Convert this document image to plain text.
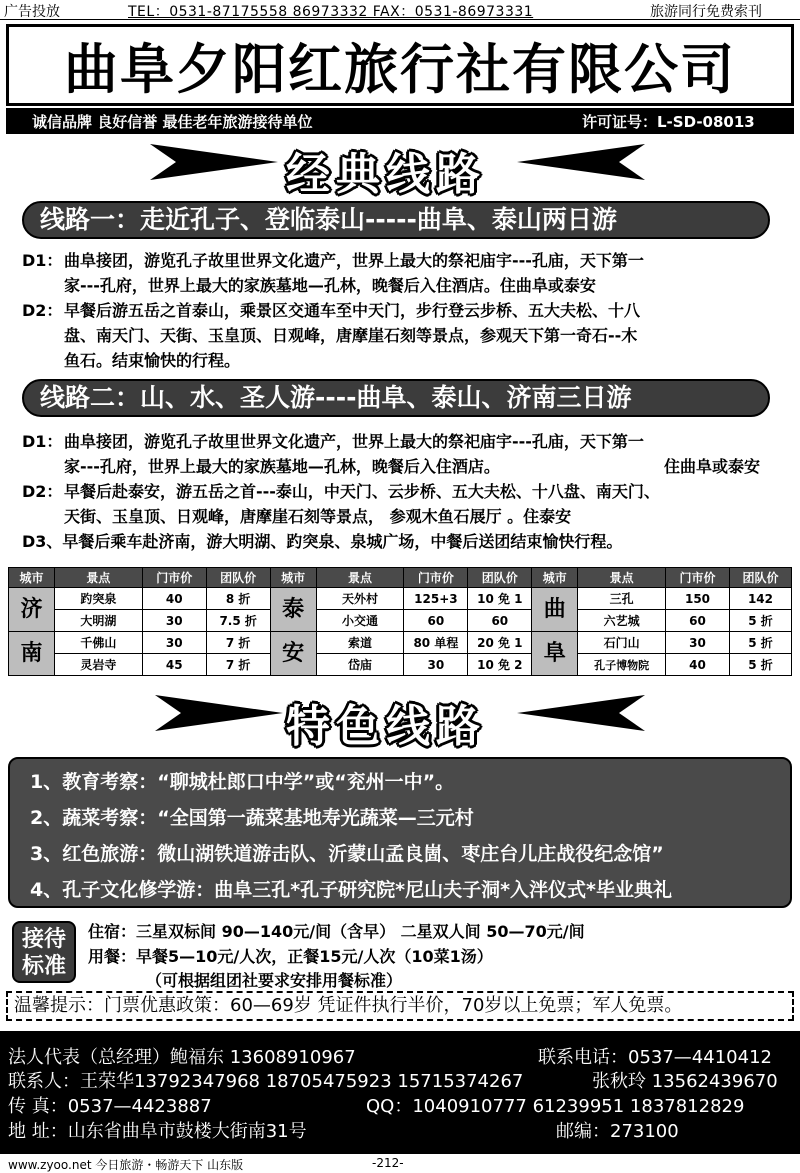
广告投放	TEL：0531-87175558 86973332 FAX：0531-86973331	旅游同行免费索刊
曲阜夕阳红旅行社有限公司
诚信品牌 良好信誉 最佳老年旅游接待单位	许可证号：L-SD-08013
经典线路
线路一：走近孔子、登临泰山-----曲阜、泰山两日游
D1： 曲阜接团，游览孔子故里世界文化遗产，世界上最大的祭祀庙宇---孔庙，天下第一
家---孔府，世界上最大的家族墓地—孔林，晚餐后入住酒店。住曲阜或泰安
D2： 早餐后游五岳之首泰山，乘景区交通车至中天门，步行登云步桥、五大夫松、十八
盘、南天门、天街、玉皇顶、日观峰，唐摩崖石刻等景点，参观天下第一奇石--木
鱼石。结束愉快的行程。
线路二：山、水、圣人游----曲阜、泰山、济南三日游
D1： 曲阜接团，游览孔子故里世界文化遗产，世界上最大的祭祀庙宇---孔庙，天下第一
家---孔府，世界上最大的家族墓地—孔林，晚餐后入住酒店。	住曲阜或泰安
D2： 早餐后赴泰安，游五岳之首---泰山，中天门、云步桥、五大夫松、十八盘、南天门、
天街、玉皇顶、日观峰，唐摩崖石刻等景点， 参观木鱼石展厅 。住泰安
D3、早餐后乘车赴济南，游大明湖、趵突泉、泉城广场，中餐后送团结束愉快行程。
城市	景点	门市价	团队价	城市	景点	门市价	团队价	城市	景点	门市价	团队价
济	趵突泉	40	8 折	泰	天外村	125+3	10 免 1	曲	三孔	150	142
	大明湖	30	7.5 折		小交通	60	60		六艺城	60	5 折
南	千佛山	30	7 折	安	索道	80 单程	20 免 1	阜	石门山	30	5 折
	灵岩寺	45	7 折		岱庙	30	10 免 2		孔子博物院	40	5 折
特色线路
1、教育考察：“聊城杜郎口中学”或“兖州一中”。
2、蔬菜考察：“全国第一蔬菜基地寿光蔬菜—三元村
3、红色旅游：微山湖铁道游击队、沂蒙山孟良崮、枣庄台儿庄战役纪念馆”
4、孔子文化修学游：曲阜三孔*孔子研究院*尼山夫子洞*入泮仪式*毕业典礼
接待
标准
住宿：三星双标间 90—140元/间（含早） 二星双人间 50—70元/间
用餐：早餐5—10元/人次，正餐15元/人次（10菜1汤）
（可根据组团社要求安排用餐标准）
温馨提示：门票优惠政策：60—69岁 凭证件执行半价，70岁以上免票；军人免票。
法人代表（总经理）鲍福东 13608910967	联系电话：0537—4410412
联系人：王荣华13792347968 18705475923 15715374267	张秋玲 13562439670
传 真：0537—4423887	QQ：1040910777 61239951 1837812829
地 址：山东省曲阜市鼓楼大街南31号	邮编：273100
www.zyoo.net 今日旅游・畅游天下 山东版	-212-
